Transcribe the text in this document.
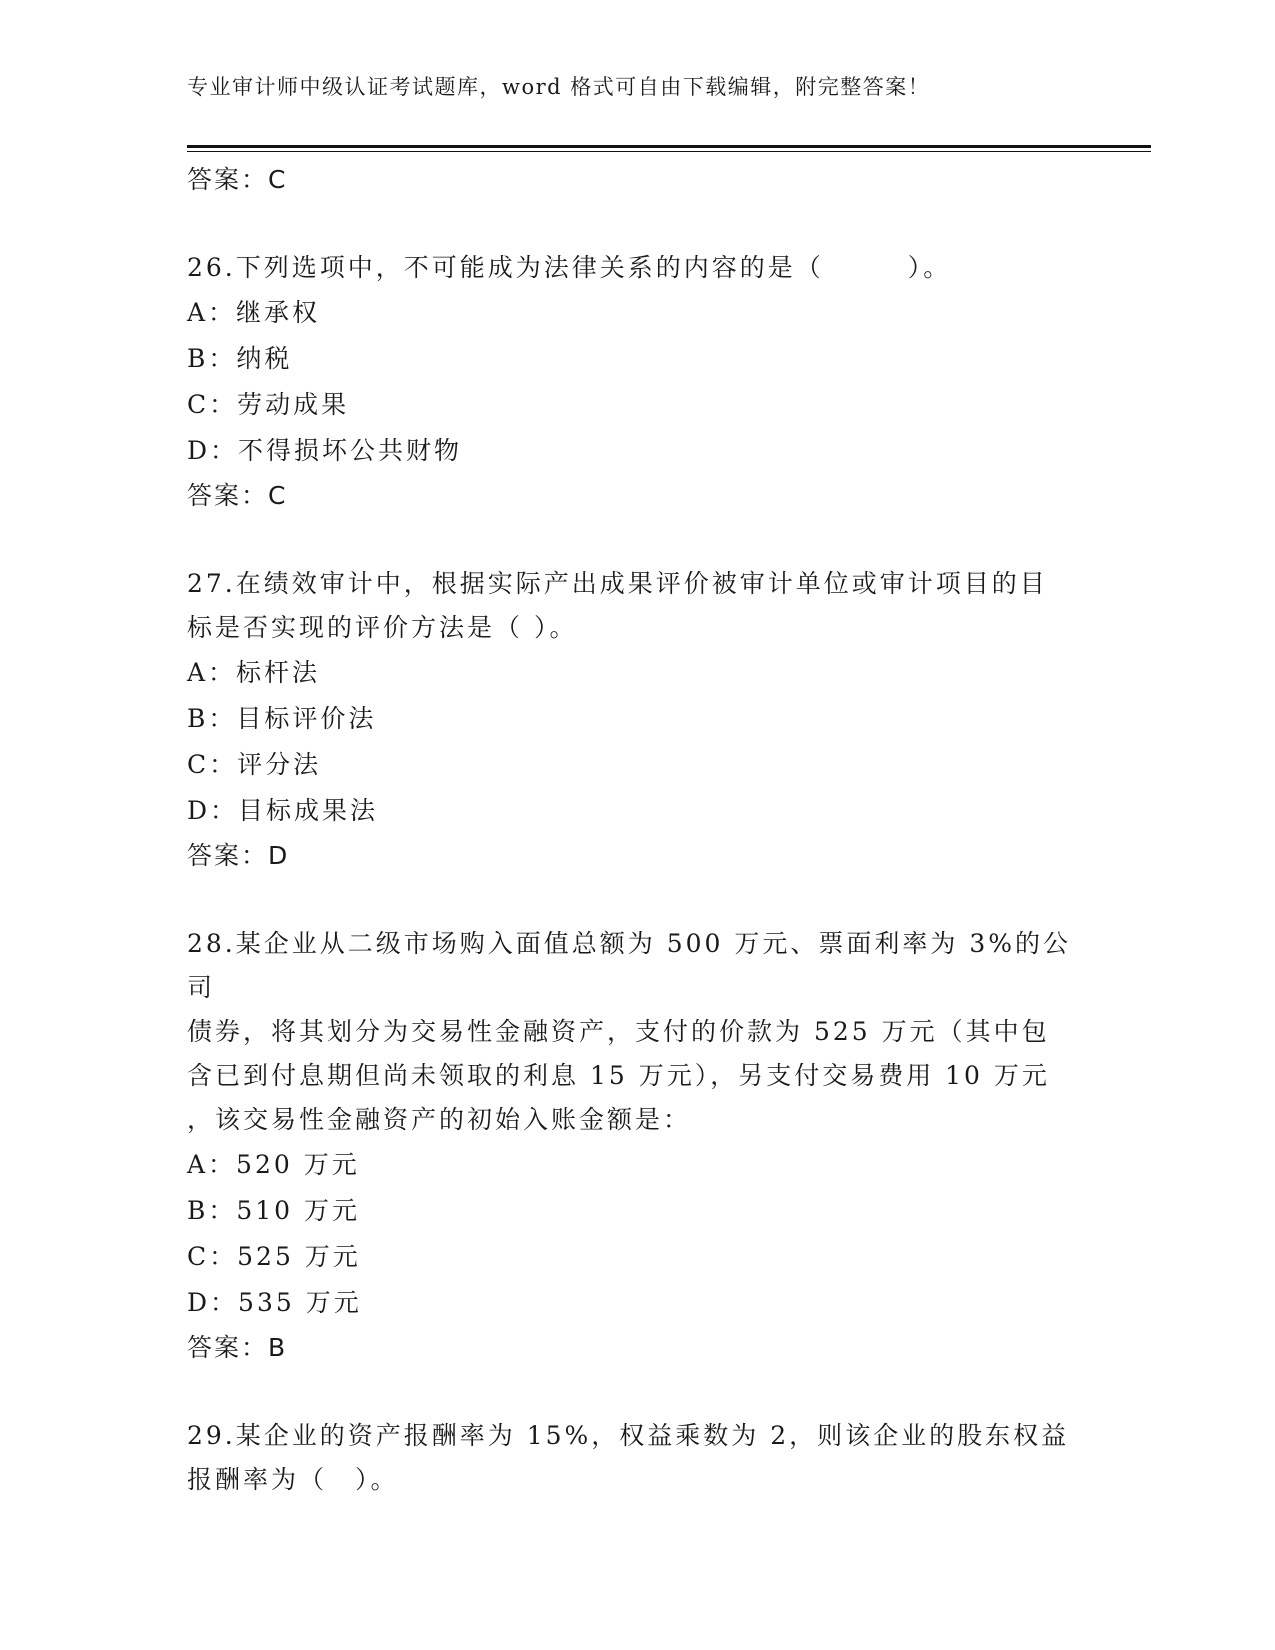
专业审计师中级认证考试题库，word 格式可自由下载编辑，附完整答案！
答案：C
26.下列选项中，不可能成为法律关系的内容的是（　　　）。
A：继承权
B：纳税
C：劳动成果
D：不得损坏公共财物
答案：C
27.在绩效审计中，根据实际产出成果评价被审计单位或审计项目的目
标是否实现的评价方法是（ ）。
A：标杆法
B：目标评价法
C：评分法
D：目标成果法
答案：D
28.某企业从二级市场购入面值总额为 500 万元、票面利率为 3%的公司
债券，将其划分为交易性金融资产，支付的价款为 525 万元（其中包
含已到付息期但尚未领取的利息 15 万元），另支付交易费用 10 万元
，该交易性金融资产的初始入账金额是：
A：520 万元
B：510 万元
C：525 万元
D：535 万元
答案：B
29.某企业的资产报酬率为 15%，权益乘数为 2，则该企业的股东权益
报酬率为（　）。
